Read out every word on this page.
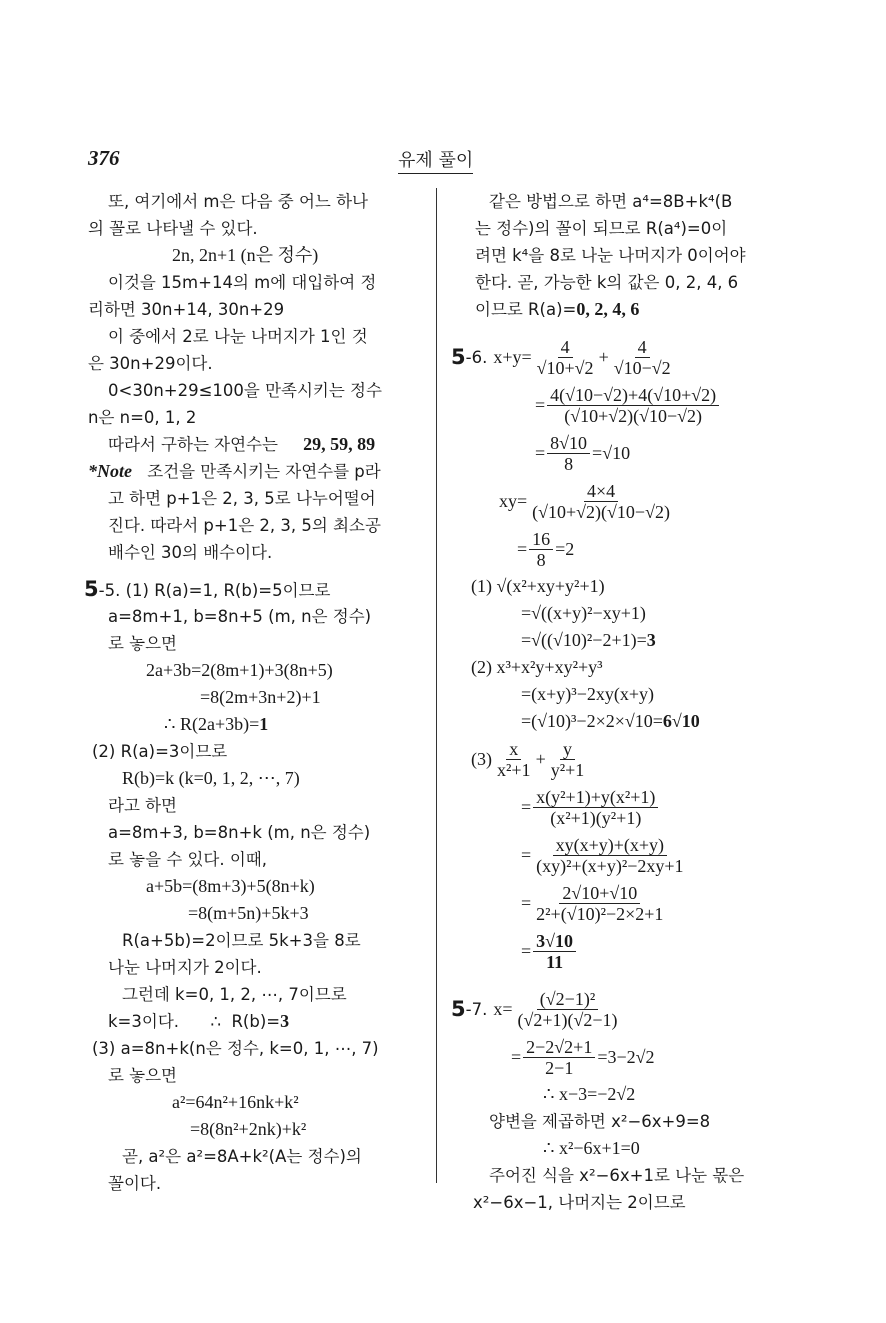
376	유제 풀이
또, 여기에서 m은 다음 중 어느 하나
의 꼴로 나타낼 수 있다.
2n, 2n+1 (n은 정수)
이것을 15m+14의 m에 대입하여 정
리하면 30n+14, 30n+29
이 중에서 2로 나눈 나머지가 1인 것
은 30n+29이다.
0<30n+29≤100을 만족시키는 정수
n은 n=0, 1, 2
따라서 구하는 자연수는 29, 59, 89
*Note 조건을 만족시키는 자연수를 p라
고 하면 p+1은 2, 3, 5로 나누어떨어
진다. 따라서 p+1은 2, 3, 5의 최소공
배수인 30의 배수이다.
5-5. (1) R(a)=1, R(b)=5이므로
a=8m+1, b=8n+5 (m, n은 정수)
로 놓으면
2a+3b=2(8m+1)+3(8n+5)
=8(2m+3n+2)+1
∴ R(2a+3b)=1
(2) R(a)=3이므로
R(b)=k (k=0, 1, 2, ⋯, 7)
라고 하면
a=8m+3, b=8n+k (m, n은 정수)
로 놓을 수 있다. 이때,
a+5b=(8m+3)+5(8n+k)
=8(m+5n)+5k+3
R(a+5b)=2이므로 5k+3을 8로
나눈 나머지가 2이다.
그런데 k=0, 1, 2, ⋯, 7이므로
k=3이다.      ∴  R(b)=3
(3) a=8n+k(n은 정수, k=0, 1, ⋯, 7)
로 놓으면
a²=64n²+16nk+k²
=8(8n²+2nk)+k²
곧, a²은 a²=8A+k²(A는 정수)의
꼴이다.
같은 방법으로 하면 a⁴=8B+k⁴(B
는 정수)의 꼴이 되므로 R(a⁴)=0이
려면 k⁴을 8로 나눈 나머지가 0이어야
한다. 곧, 가능한 k의 값은 0, 2, 4, 6
이므로 R(a)=0, 2, 4, 6
5 -6. $x+y= \frac{4}{√10+√2} + \frac{4}{√10-√2}$
= $\frac{4(√10-√2)+4(√10+√2)}{(√10+√2)(√10-√2)}$
= $\frac{8√10}{8} =√10$
$xy= \frac{4\times 4}{(√10+√2)(√10-√2)}$
= $\frac{16}{8} =2$
(1) √(x²+xy+y²+1)
=√((x+y)²−xy+1)
=√((√10)²−2+1)=3
(2) x³+x²y+xy²+y³
=(x+y)³−2xy(x+y)
=(√10)³−2×2×√10=6√10
$(3) \frac{x}{\text{x²+1}} + \frac{y}{\text{y²+1}}$
= $\frac{\text{x(y²+1)+y(x²+1)}}{\text{(x²+1)(y²+1)}}$
= $\frac{xy(x+y)+(x+y)}{\text{(xy)²+(x+y)²−2xy+1}}$
= $\frac{2√10+√10}{\text{2²+(√10)²−2×2+1}}$
= $\frac{3√10}{11}$
5 -7. $x= \frac{\text{(√2−1)²}}{(√2+1)(√2-1)}$
= $\frac{2-2√2+1}{2-1} =3-2√2$
∴ x−3=−2√2
양변을 제곱하면 x²−6x+9=8
∴ x²−6x+1=0
주어진 식을 x²−6x+1로 나눈 몫은
x²−6x−1, 나머지는 2이므로
